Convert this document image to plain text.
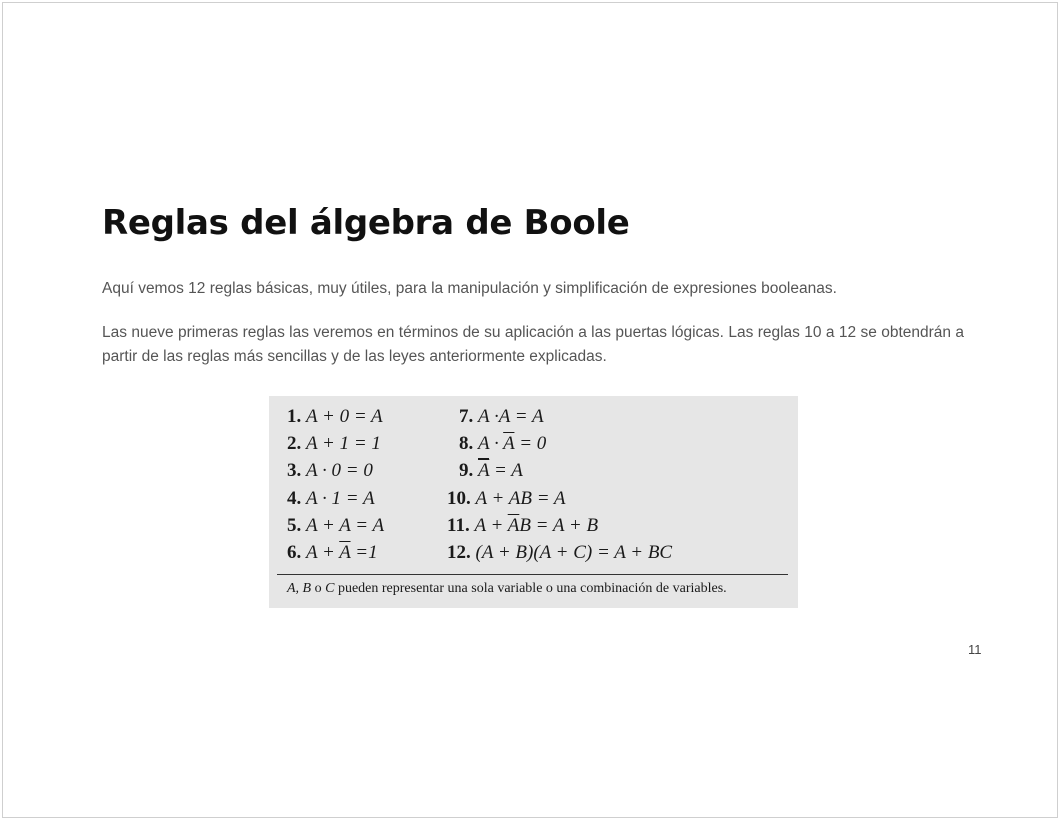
Reglas del álgebra de Boole

Aquí vemos 12 reglas básicas, muy útiles, para la manipulación y simplificación de expresiones booleanas.

Las nueve primeras reglas las veremos en términos de su aplicación a las puertas lógicas. Las reglas 10 a 12 se obtendrán a partir de las reglas más sencillas y de las leyes anteriormente explicadas.

1. A + 0 = A
2. A + 1 = 1
3. A · 0 = 0
4. A · 1 = A
5. A + A = A
6. $A + \overline{A} =1$
7. A ·A = A
8. $A \cdot \overline{A} = 0$
9. $\overline{A} = A$
10. A + AB = A
11. $A + \overline{A}B = A + B$
12. (A + B)(A + C) = A + BC
A, B o C pueden representar una sola variable o una combinación de variables.
11
